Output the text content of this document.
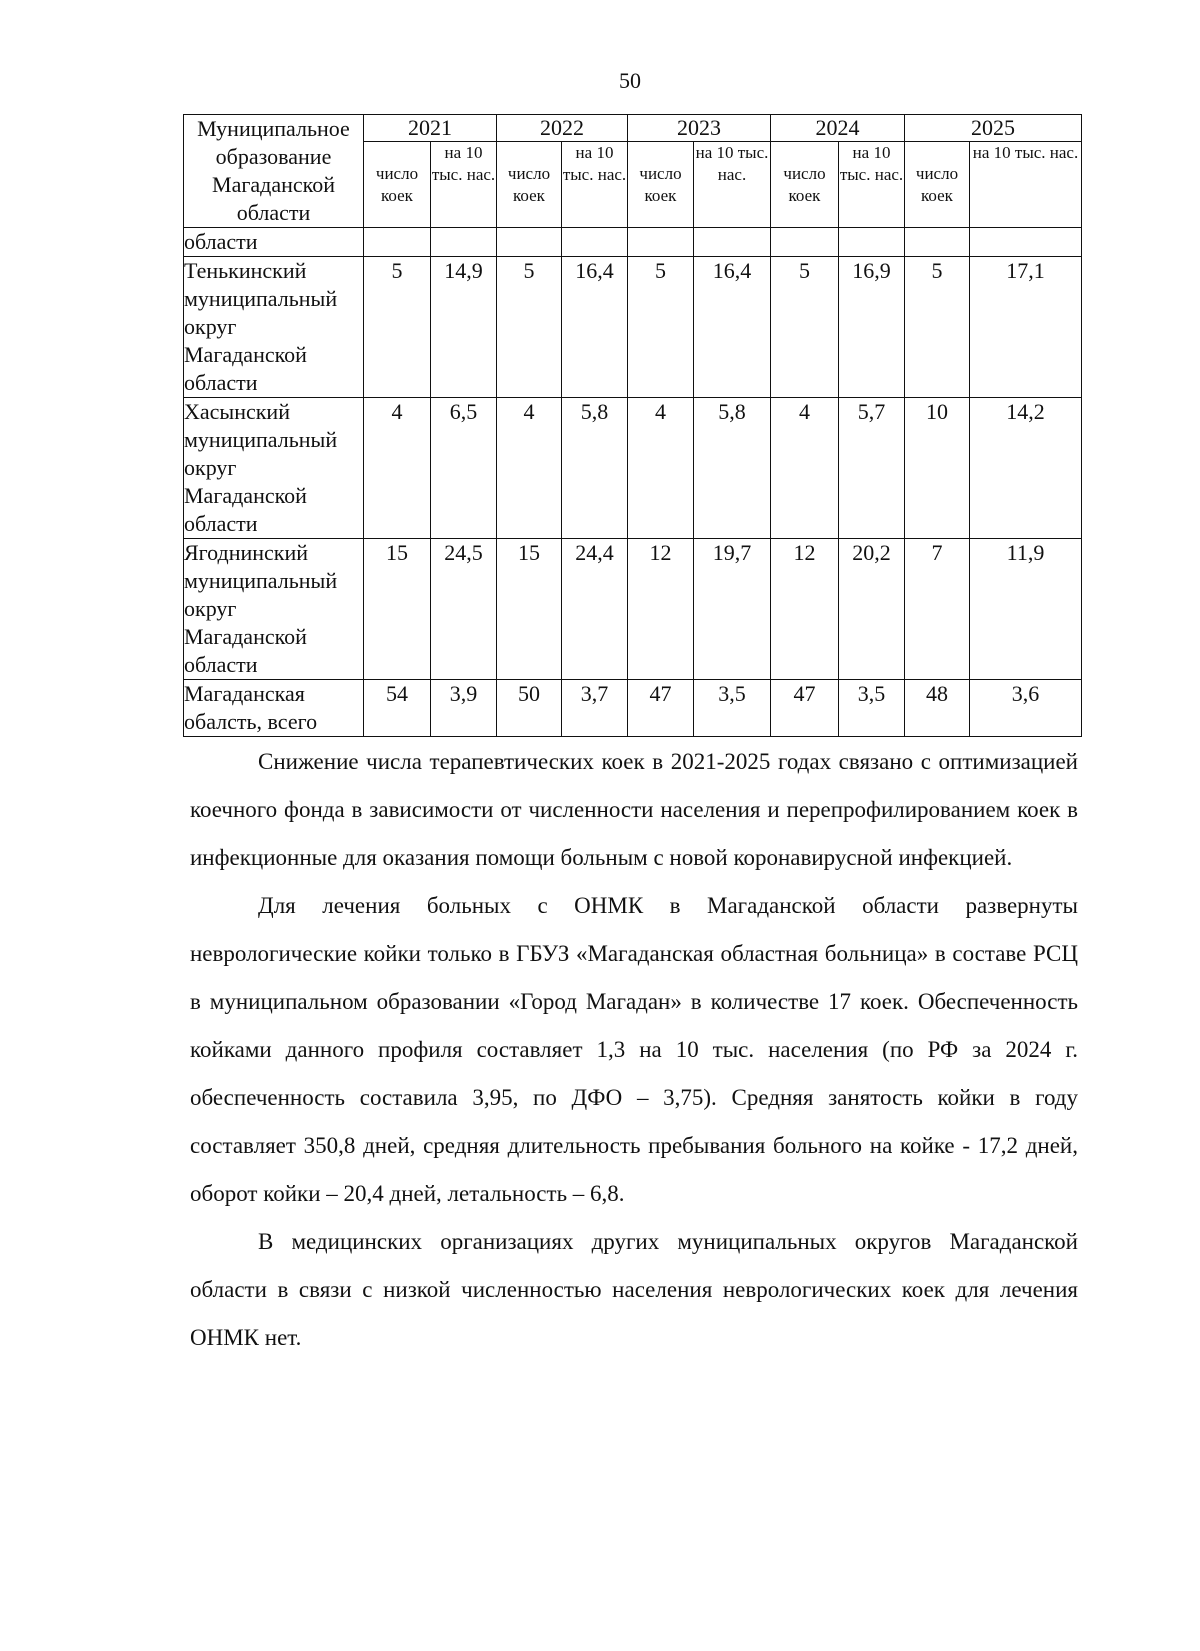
50
Муниципальное образование Магаданской области	2021		2022		2023		2024		2025	
	число коек	на 10 тыс. нас.	число коек	на 10 тыс. нас.	число коек	на 10 тыс. нас.	число коек	на 10 тыс. нас.	число коек	на 10 тыс. нас.
области										
Тенькинский муниципальный округ Магаданской области	5	14,9	5	16,4	5	16,4	5	16,9	5	17,1
Хасынский муниципальный округ Магаданской области	4	6,5	4	5,8	4	5,8	4	5,7	10	14,2
Ягоднинский муниципальный округ Магаданской области	15	24,5	15	24,4	12	19,7	12	20,2	7	11,9
Магаданская обалсть, всего	54	3,9	50	3,7	47	3,5	47	3,5	48	3,6

Снижение числа терапевтических коек в 2021-2025 годах связано с оптимизацией коечного фонда в зависимости от численности населения и перепрофилированием коек в инфекционные для оказания помощи больным с новой коронавирусной инфекцией.

Для лечения больных с ОНМК в Магаданской области развернуты неврологические койки только в ГБУЗ «Магаданская областная больница» в составе РСЦ в муниципальном образовании «Город Магадан» в количестве 17 коек. Обеспеченность койками данного профиля составляет 1,3 на 10 тыс. населения (по РФ за 2024 г. обеспеченность составила 3,95, по ДФО – 3,75). Средняя занятость койки в году составляет 350,8 дней, средняя длительность пребывания больного на койке - 17,2 дней, оборот койки – 20,4 дней, летальность – 6,8.

В медицинских организациях других муниципальных округов Магаданской области в связи с низкой численностью населения неврологических коек для лечения ОНМК нет.
